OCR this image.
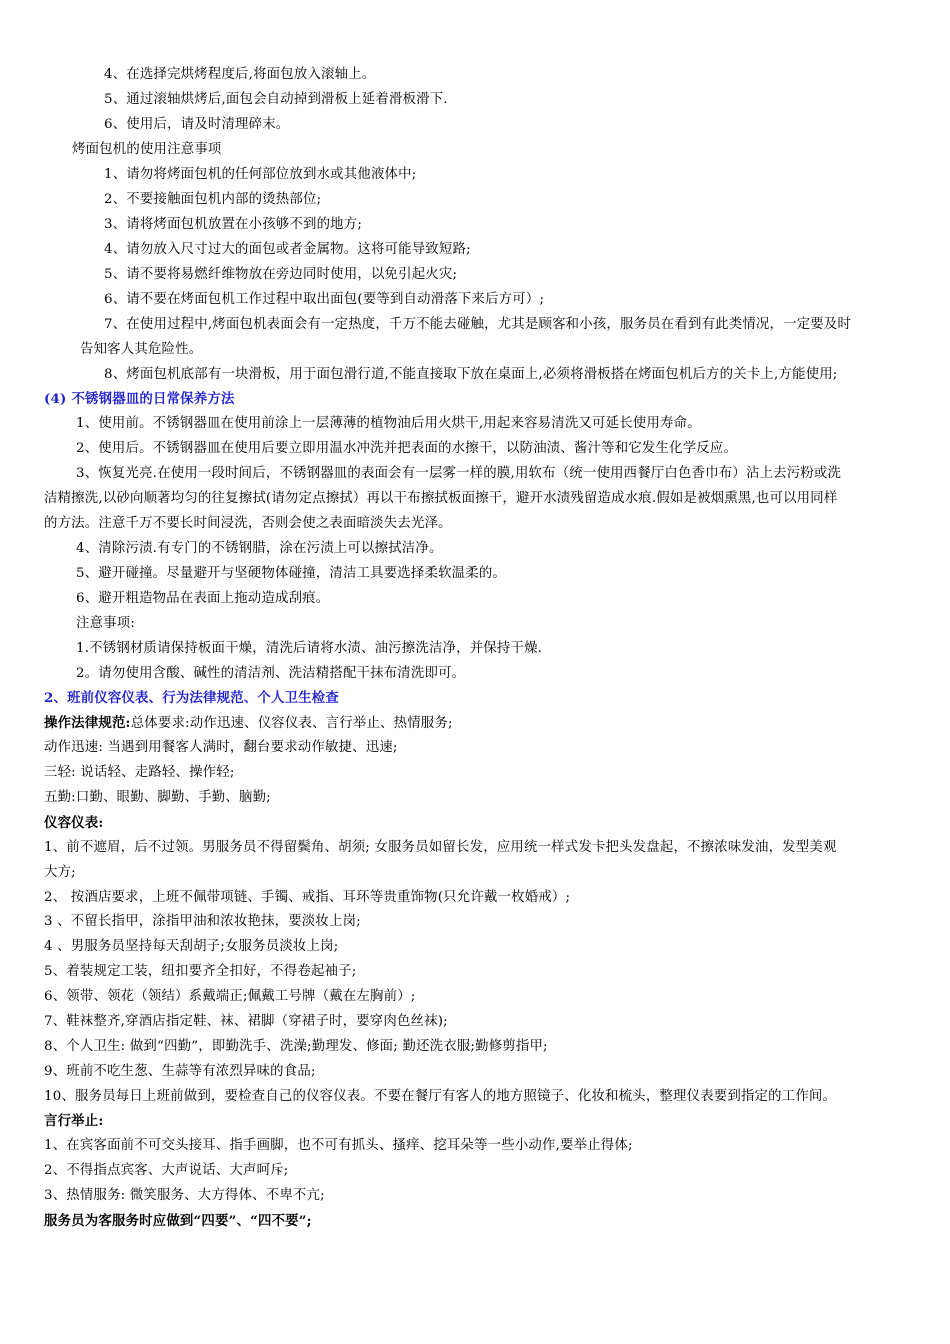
4、在选择完烘烤程度后,将面包放入滚轴上。
5、通过滚轴烘烤后,面包会自动掉到滑板上延着滑板滑下.
6、使用后，请及时清理碎末。
烤面包机的使用注意事项
1、请勿将烤面包机的任何部位放到水或其他液体中;
2、不要接触面包机内部的烫热部位;
3、请将烤面包机放置在小孩够不到的地方;
4、请勿放入尺寸过大的面包或者金属物。这将可能导致短路;
5、请不要将易燃纤维物放在旁边同时使用，以免引起火灾;
6、请不要在烤面包机工作过程中取出面包(要等到自动滑落下来后方可）;
7、在使用过程中,烤面包机表面会有一定热度，千万不能去碰触，尤其是顾客和小孩，服务员在看到有此类情况，一定要及时
告知客人其危险性。
8、烤面包机底部有一块滑板，用于面包滑行道,不能直接取下放在桌面上,必须将滑板搭在烤面包机后方的关卡上,方能使用;
(4) 不锈钢器皿的日常保养方法
1、使用前。不锈钢器皿在使用前涂上一层薄薄的植物油后用火烘干,用起来容易清洗又可延长使用寿命。
2、使用后。不锈钢器皿在使用后要立即用温水冲洗并把表面的水擦干，以防油渍、酱汁等和它发生化学反应。
3、恢复光亮.在使用一段时间后，不锈钢器皿的表面会有一层雾一样的膜,用软布（统一使用西餐厅白色香巾布）沾上去污粉或洗
洁精擦洗,以砂向顺著均匀的往复擦拭(请勿定点擦拭）再以干布擦拭板面擦干，避开水渍残留造成水痕.假如是被烟熏黑,也可以用同样
的方法。注意千万不要长时间浸洗，否则会使之表面暗淡失去光泽。
4、清除污渍.有专门的不锈钢腊，涂在污渍上可以擦拭洁净。
5、避开碰撞。尽量避开与坚硬物体碰撞，清洁工具要选择柔软温柔的。
6、避开粗造物品在表面上拖动造成刮痕。
注意事项:
1.不锈钢材质请保持板面干燥，清洗后请将水渍、油污擦洗洁净，并保持干燥.
2。请勿使用含酸、碱性的清洁剂、洗洁精搭配干抹布清洗即可。
2、班前仪容仪表、行为法律规范、个人卫生检查
操作法律规范:总体要求:动作迅速、仪容仪表、言行举止、热情服务;
动作迅速: 当遇到用餐客人满时，翻台要求动作敏捷、迅速;
三轻: 说话轻、走路轻、操作轻;
五勤:口勤、眼勤、脚勤、手勤、脑勤;
仪容仪表:
1、前不遮眉，后不过领。男服务员不得留鬓角、胡须; 女服务员如留长发，应用统一样式发卡把头发盘起，不擦浓味发油，发型美观
大方;
2、 按酒店要求，上班不佩带项链、手镯、戒指、耳环等贵重饰物(只允许戴一枚婚戒）;
3 、不留长指甲，涂指甲油和浓妆艳抹，要淡妆上岗;
4 、男服务员坚持每天刮胡子;女服务员淡妆上岗;
5、着装规定工装，纽扣要齐全扣好，不得卷起袖子;
6、领带、领花（领结）系戴端正;佩戴工号牌（戴在左胸前）;
7、鞋袜整齐,穿酒店指定鞋、袜、裙脚（穿裙子时，要穿肉色丝袜);
8、个人卫生: 做到“四勤”，即勤洗手、洗澡;勤理发、修面; 勤还洗衣服;勤修剪指甲;
9、班前不吃生葱、生蒜等有浓烈异味的食品;
10、服务员每日上班前做到，要检查自己的仪容仪表。不要在餐厅有客人的地方照镜子、化妆和梳头，整理仪表要到指定的工作间。
言行举止:
1、在宾客面前不可交头接耳、指手画脚，也不可有抓头、搔痒、挖耳朵等一些小动作,要举止得体;
2、不得指点宾客、大声说话、大声呵斥;
3、热情服务: 微笑服务、大方得体、不卑不亢;
服务员为客服务时应做到“四要”、“四不要”;
